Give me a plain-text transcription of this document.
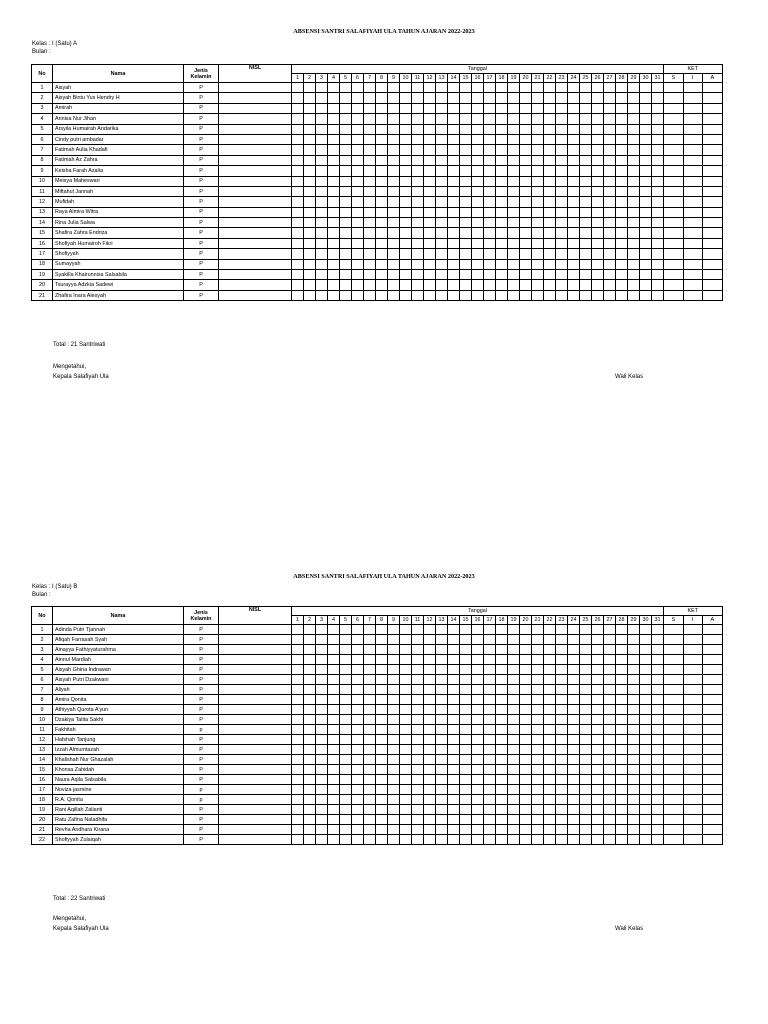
ABSENSI SANTRI SALAFIYAH ULA TAHUN AJARAN 2022-2023
Kelas : I (Satu) A
Bulan :
No	Nama	Jenis Kelamin	NISL	Tanggal																															KET		
				1	2	3	4	5	6	7	8	9	10	11	12	13	14	15	16	17	18	19	20	21	22	23	24	25	26	27	28	29	30	31	S	I	A
1	Aisyah	P																																			
2	Aisyah Bintu Yus Hendry H	P																																			
3	Amirah	P																																			
4	Annisa Nur Jihan	P																																			
5	Arsyila Humairah Andarika	P																																			
6	Cindy putri ambadar	P																																			
7	Fatimah Aulia Khadafi	P																																			
8	Fatimah Az Zahra	P																																			
9	Keisha Farah Azalia	P																																			
10	Meisya Maheswari	P																																			
11	Miftahul Jannah	P																																			
12	Mufidah	P																																			
13	Raya Almira Witra	P																																			
14	Rina Julia Salwa	P																																			
15	Shafira Zahra Endriza	P																																			
16	Shofiyah Humairoh Fikri	P																																			
17	Shofiyyah	P																																			
18	Sumayyah	P																																			
19	Syakilla Khairunnisa Salsabila	P																																			
20	Tsurayya Adzkia Sadewi	P																																			
21	Zhafira Inara Alesyah	P																																			
Total : 21 Santriwati
Mengetahui,
Kepala Salafiyah Ula	Wali Kelas
ABSENSI SANTRI SALAFIYAH ULA TAHUN AJARAN 2022-2023
Kelas : I (Satu) B
Bulan :
No	Nama	Jenis Kelamin	NISL	Tanggal																															KET		
				1	2	3	4	5	6	7	8	9	10	11	12	13	14	15	16	17	18	19	20	21	22	23	24	25	26	27	28	29	30	31	S	I	A
1	Adinda Putri Tjannah	P																																			
2	Afiqah Farrasah Syah	P																																			
3	Ainayya Fathiyyaturahma	P																																			
4	Ainnul Mardiah	P																																			
5	Aisyah Ghina Indrawan	P																																			
6	Aisyah Putri Dzakwani	P																																			
7	Aliyah	P																																			
8	Amira Qonita	P																																			
9	Athiyyah Qurota A'yun	P																																			
10	Dzakiya Talita Sakhi	P																																			
11	Fakhitah	p																																			
12	Hafshah Tanjung	P																																			
13	Izzah Almumtazah	P																																			
14	Khalishah Nur Ghazalah	P																																			
15	Khonsa Zahidah	P																																			
16	Naura Aqila Salsabila	P																																			
17	Noviza jasmine	p																																			
18	R.A. Qonita	p																																			
19	Rani Aqillah Zalianti	P																																			
20	Ratu Zafina Naladhifa	P																																			
21	Revha Andhara Kirana	P																																			
22	Shofiyyah Zulaiqah	P																																			
Total : 22 Santriwati
Mengetahui,
Kepala Salafiyah Ula	Wali Kelas
